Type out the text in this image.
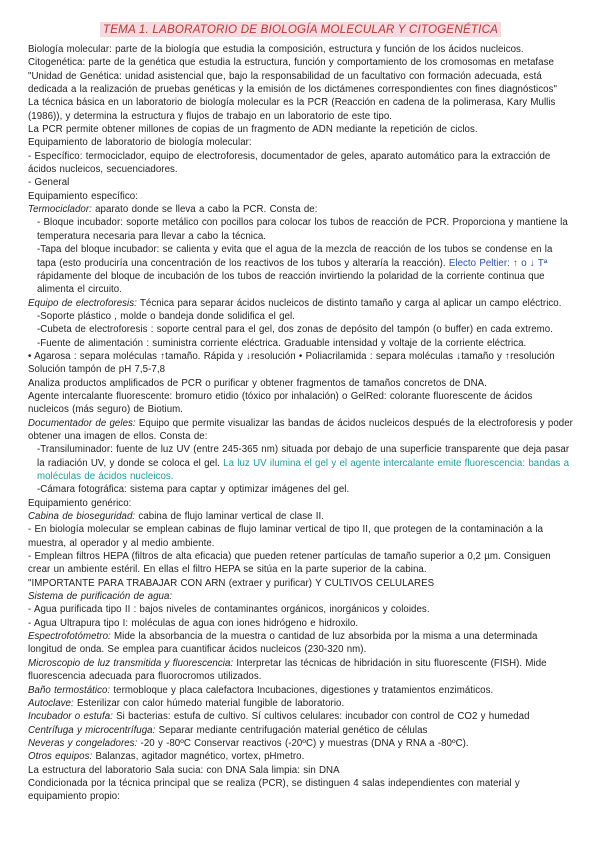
TEMA 1. LABORATORIO DE BIOLOGÍA MOLECULAR Y CITOGENÉTICA

Biología molecular: parte de la biología que estudia la composición, estructura y función de los ácidos nucleicos.

Citogenética: parte de la genética que estudia la estructura, función y comportamiento de los cromosomas en metafase

"Unidad de Genética: unidad asistencial que, bajo la responsabilidad de un facultativo con formación adecuada, está dedicada a la realización de pruebas genéticas y la emisión de los dictámenes correspondientes con fines diagnósticos"

La técnica básica en un laboratorio de biología molecular es la PCR (Reacción en cadena de la polimerasa, Kary Mullis (1986)), y determina la estructura y flujos de trabajo en un laboratorio de este tipo.

La PCR permite obtener millones de copias de un fragmento de ADN mediante la repetición de ciclos.

Equipamiento de laboratorio de biología molecular:

- Específico: termociclador, equipo de electroforesis, documentador de geles, aparato automático para la extracción de ácidos nucleicos, secuenciadores.

- General

Equipamiento específico:

Termociclador: aparato donde se lleva a cabo la PCR. Consta de:

- Bloque incubador: soporte metálico con pocillos para colocar los tubos de reacción de PCR. Proporciona y mantiene la temperatura necesaria para llevar a cabo la técnica.

-Tapa del bloque incubador: se calienta y evita que el agua de la mezcla de reacción de los tubos se condense en la tapa (esto produciría una concentración de los reactivos de los tubos y alteraría la reacción). Electo Peltier: ↑ o ↓ Tª rápidamente del bloque de incubación de los tubos de reacción invirtiendo la polaridad de la corriente continua que alimenta el circuito.

Equipo de electroforesis: Técnica para separar ácidos nucleicos de distinto tamaño y carga al aplicar un campo eléctrico.

-Soporte plástico , molde o bandeja donde solidifica el gel.

-Cubeta de electroforesis : soporte central para el gel, dos zonas de depósito del tampón (o buffer) en cada extremo.

-Fuente de alimentación : suministra corriente eléctrica. Graduable intensidad y voltaje de la corriente eléctrica.

• Agarosa : separa moléculas ↑tamaño. Rápida y ↓resolución • Poliacrilamida : separa moléculas ↓tamaño y ↑resolución

Solución tampón de pH 7,5-7,8

Analiza productos amplificados de PCR o purificar y obtener fragmentos de tamaños concretos de DNA.

Agente intercalante fluorescente: bromuro etidio (tóxico por inhalación) o GelRed: colorante fluorescente de ácidos nucleicos (más seguro) de Biotium.

Documentador de geles: Equipo que permite visualizar las bandas de ácidos nucleicos después de la electroforesis y poder obtener una imagen de ellos. Consta de:

-Transiluminador: fuente de luz UV (entre 245-365 nm) situada por debajo de una superficie transparente que deja pasar la radiación UV, y donde se coloca el gel. La luz UV ilumina el gel y el agente intercalante emite fluorescencia: bandas a moléculas de ácidos nucleicos.

-Cámara fotográfica: sistema para captar y optimizar imágenes del gel.

Equipamiento genérico:

Cabina de bioseguridad: cabina de flujo laminar vertical de clase II.

- En biología molecular se emplean cabinas de flujo laminar vertical de tipo II, que protegen de la contaminación a la muestra, al operador y al medio ambiente.

- Emplean filtros HEPA (filtros de alta eficacia) que pueden retener partículas de tamaño superior a 0,2 µm. Consiguen crear un ambiente estéril. En ellas el filtro HEPA se sitúa en la parte superior de la cabina.

"IMPORTANTE PARA TRABAJAR CON ARN (extraer y purificar) Y CULTIVOS CELULARES

Sistema de purificación de agua:

- Agua purificada tipo II : bajos niveles de contaminantes orgánicos, inorgánicos y coloides.

- Agua Ultrapura tipo I: moléculas de agua con iones hidrógeno e hidroxilo.

Espectrofotómetro: Mide la absorbancia de la muestra o cantidad de luz absorbida por la misma a una determinada longitud de onda. Se emplea para cuantificar ácidos nucleicos (230-320 nm).

Microscopio de luz transmitida y fluorescencia: Interpretar las técnicas de hibridación in situ fluorescente (FISH). Mide fluorescencia adecuada para fluorocromos utilizados.

Baño termostático: termobloque y placa calefactora Incubaciones, digestiones y tratamientos enzimáticos.

Autoclave: Esterilizar con calor húmedo material fungible de laboratorio.

Incubador o estufa: Si bacterias: estufa de cultivo. Sí cultivos celulares: incubador con control de CO2 y humedad

Centrífuga y microcentrífuga: Separar mediante centrifugación material genético de células

Neveras y congeladores: -20 y -80ºC Conservar reactivos (-20ºC) y muestras (DNA y RNA a -80ºC).

Otros equipos: Balanzas, agitador magnético, vortex, pHmetro.

La estructura del laboratorio Sala sucia: con DNA Sala limpia: sin DNA

Condicionada por la técnica principal que se realiza (PCR), se distinguen 4 salas independientes con material y equipamiento propio:
